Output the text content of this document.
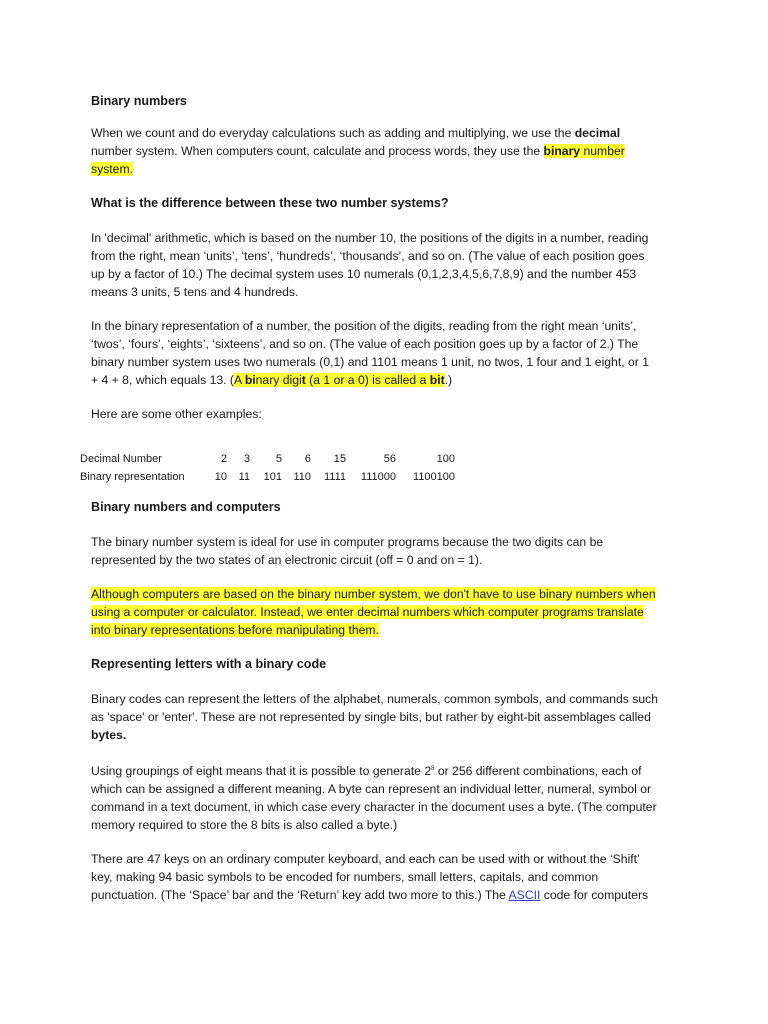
Binary numbers

When we count and do everyday calculations such as adding and multiplying, we use the decimal number system. When computers count, calculate and process words, they use the binary number system.

What is the difference between these two number systems?

In 'decimal' arithmetic, which is based on the number 10, the positions of the digits in a number, reading from the right, mean ‘units’, ‘tens’, ‘hundreds’, ‘thousands’, and so on. (The value of each position goes up by a factor of 10.) The decimal system uses 10 numerals (0,1,2,3,4,5,6,7,8,9) and the number 453 means 3 units, 5 tens and 4 hundreds.

In the binary representation of a number, the position of the digits, reading from the right mean ‘units’, ‘twos’, ‘fours’, ‘eights’, ‘sixteens’, and so on. (The value of each position goes up by a factor of 2.) The binary number system uses two numerals (0,1) and 1101 means 1 unit, no twos, 1 four and 1 eight, or 1 + 4 + 8, which equals 13. (A binary digit (a 1 or a 0) is called a bit.)

Here are some other examples:

Decimal Number	2	3	5	6	15	56	100
Binary representation	10	11	101	110	1111	111000	1100100
Binary numbers and computers

The binary number system is ideal for use in computer programs because the two digits can be represented by the two states of an electronic circuit (off = 0 and on = 1).

Although computers are based on the binary number system, we don't have to use binary numbers when using a computer or calculator. Instead, we enter decimal numbers which computer programs translate into binary representations before manipulating them.

Representing letters with a binary code

Binary codes can represent the letters of the alphabet, numerals, common symbols, and commands such as 'space' or 'enter'. These are not represented by single bits, but rather by eight-bit assemblages called bytes.

Using groupings of eight means that it is possible to generate $2^8$ or 256 different combinations, each of which can be assigned a different meaning. A byte can represent an individual letter, numeral, symbol or command in a text document, in which case every character in the document uses a byte. (The computer memory required to store the 8 bits is also called a byte.)

There are 47 keys on an ordinary computer keyboard, and each can be used with or without the ‘Shift’ key, making 94 basic symbols to be encoded for numbers, small letters, capitals, and common punctuation. (The ‘Space’ bar and the ‘Return’ key add two more to this.) The ASCII code for computers
